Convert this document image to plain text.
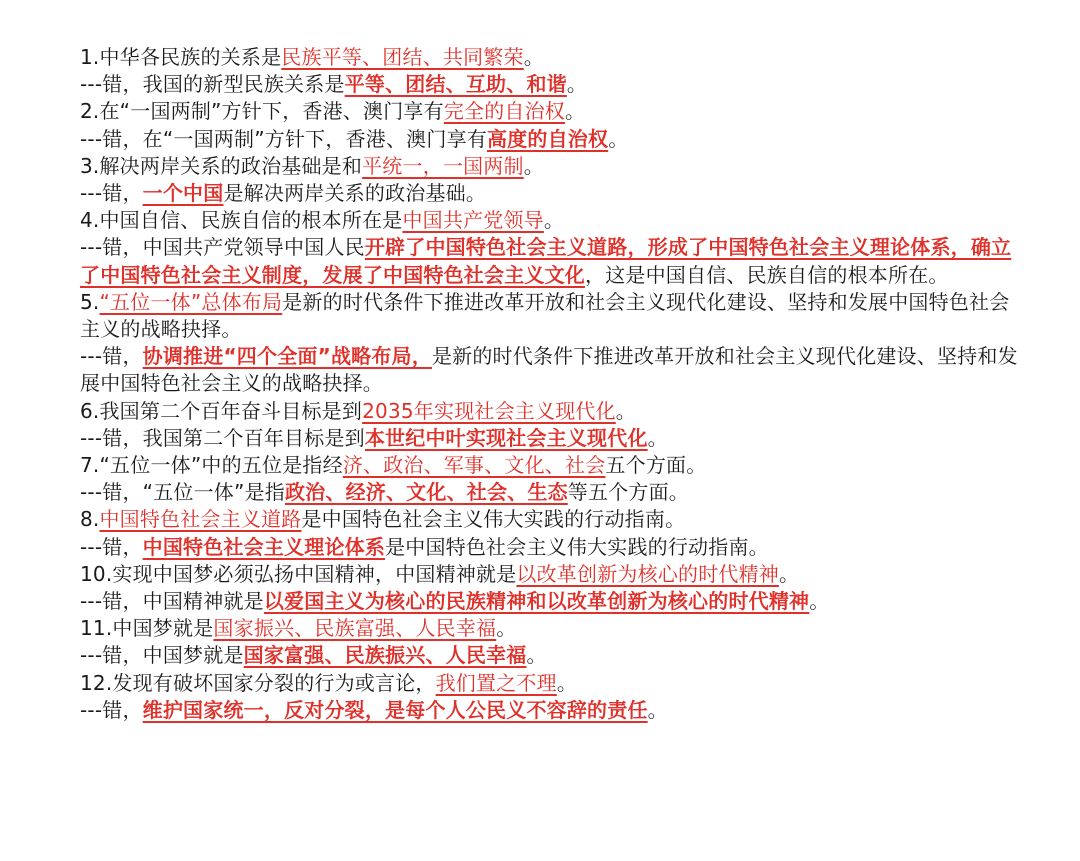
1.中华各民族的关系是民族平等、团结、共同繁荣。
---错，我国的新型民族关系是平等、团结、互助、和谐。
2.在“一国两制”方针下，香港、澳门享有完全的自治权。
---错，在“一国两制”方针下，香港、澳门享有高度的自治权。
3.解决两岸关系的政治基础是和平统一，一国两制。
---错，一个中国是解决两岸关系的政治基础。
4.中国自信、民族自信的根本所在是中国共产党领导。
---错，中国共产党领导中国人民开辟了中国特色社会主义道路，形成了中国特色社会主义理论体系，确立了中国特色社会主义制度，发展了中国特色社会主义文化，这是中国自信、民族自信的根本所在。
5.“五位一体”总体布局是新的时代条件下推进改革开放和社会主义现代化建设、坚持和发展中国特色社会主义的战略抉择。
---错，协调推进“四个全面”战略布局，是新的时代条件下推进改革开放和社会主义现代化建设、坚持和发展中国特色社会主义的战略抉择。
6.我国第二个百年奋斗目标是到2035年实现社会主义现代化。
---错，我国第二个百年目标是到本世纪中叶实现社会主义现代化。
7.“五位一体”中的五位是指经济、政治、军事、文化、社会五个方面。
---错，“五位一体”是指政治、经济、文化、社会、生态等五个方面。
8.中国特色社会主义道路是中国特色社会主义伟大实践的行动指南。
---错，中国特色社会主义理论体系是中国特色社会主义伟大实践的行动指南。
10.实现中国梦必须弘扬中国精神，中国精神就是以改革创新为核心的时代精神。
---错，中国精神就是以爱国主义为核心的民族精神和以改革创新为核心的时代精神。
11.中国梦就是国家振兴、民族富强、人民幸福。
---错，中国梦就是国家富强、民族振兴、人民幸福。
12.发现有破坏国家分裂的行为或言论，我们置之不理。
---错，维护国家统一，反对分裂，是每个人公民义不容辞的责任。
